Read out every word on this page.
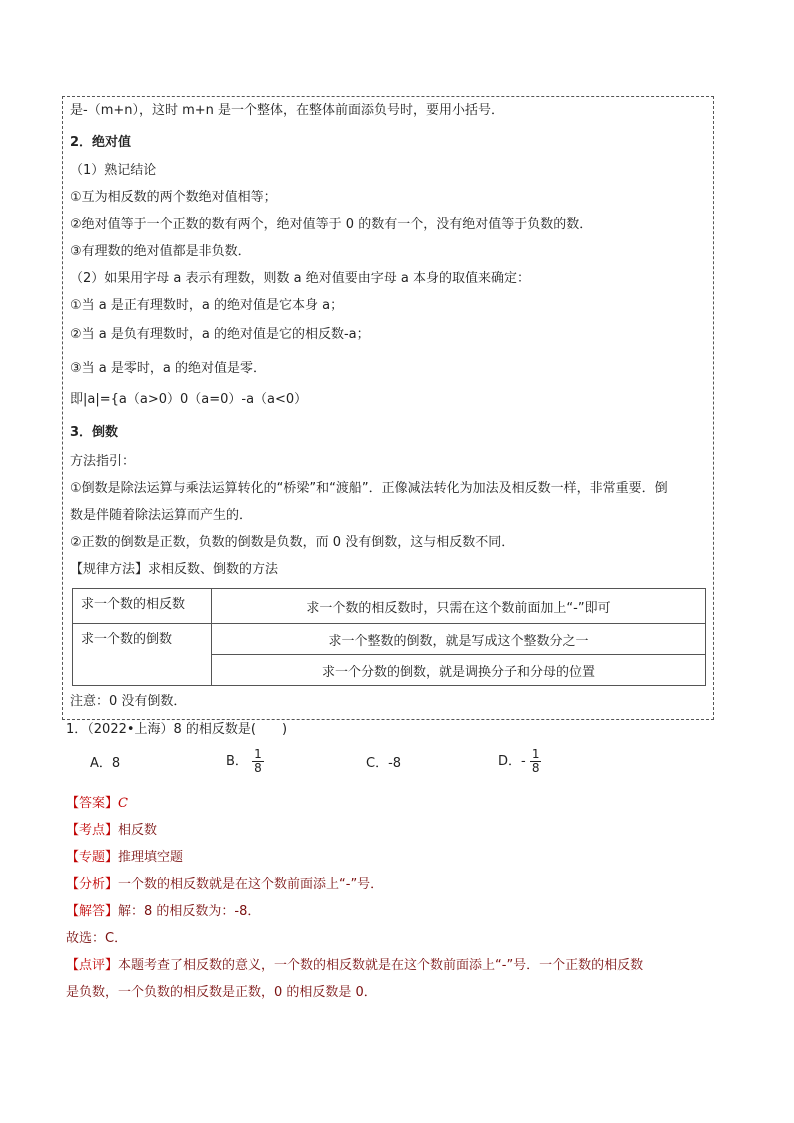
是-（m+n），这时 m+n 是一个整体，在整体前面添负号时，要用小括号．
2．绝对值
（1）熟记结论
①互为相反数的两个数绝对值相等；
②绝对值等于一个正数的数有两个，绝对值等于 0 的数有一个，没有绝对值等于负数的数．
③有理数的绝对值都是非负数．
（2）如果用字母 a 表示有理数，则数 a 绝对值要由字母 a 本身的取值来确定：
①当 a 是正有理数时，a 的绝对值是它本身 a；
②当 a 是负有理数时，a 的绝对值是它的相反数-a；
③当 a 是零时，a 的绝对值是零．
即|a|={a（a>0）0（a=0）-a（a<0）
3．倒数
方法指引：
①倒数是除法运算与乘法运算转化的“桥梁”和“渡船”．正像减法转化为加法及相反数一样，非常重要．倒
数是伴随着除法运算而产生的．
②正数的倒数是正数，负数的倒数是负数，而 0 没有倒数，这与相反数不同．
【规律方法】求相反数、倒数的方法
求一个数的相反数	求一个数的相反数时，只需在这个数前面加上“-”即可
求一个数的倒数	求一个整数的倒数，就是写成这个整数分之一
	求一个分数的倒数，就是调换分子和分母的位置
注意：0 没有倒数．
1．（2022•上海）8 的相反数是(　　)
A．8	B． $\frac{1}{8}$	C．-8	D．- $\frac{1}{8}$
【答案】C
【考点】相反数
【专题】推理填空题
【分析】一个数的相反数就是在这个数前面添上“-”号．
【解答】解：8 的相反数为：-8．
故选：C．
【点评】本题考查了相反数的意义，一个数的相反数就是在这个数前面添上“-”号．一个正数的相反数
是负数，一个负数的相反数是正数，0 的相反数是 0．
